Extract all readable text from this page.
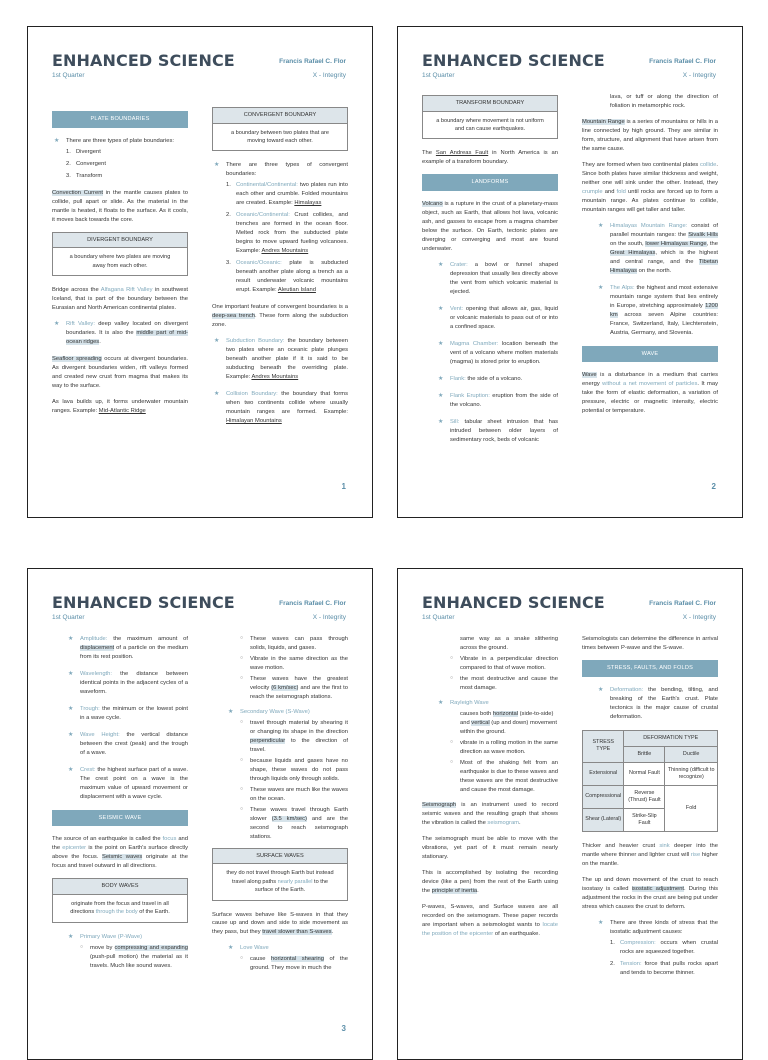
ENHANCED SCIENCE	Francis Rafael C. Flor
1st Quarter	X - Integrity
PLATE BOUNDARIES
★ There are three types of plate boundaries:
1. Divergent
2. Convergent
3. Transform

Convection Current in the mantle causes plates to collide, pull apart or slide. As the material in the mantle is heated, it floats to the surface. As it cools, it moves back towards the core.

DIVERGENT BOUNDARY
a boundary where two plates are moving away from each other.

Bridge across the Alfagana Rift Valley in southwest Iceland, that is part of the boundary between the Eurasian and North American continental plates.

★ Rift Valley: deep valley located on divergent boundaries. It is also the middle part of mid-ocean ridges.

Seafloor spreading occurs at divergent boundaries. As divergent boundaries widen, rift valleys formed and created new crust from magma that makes its way to the surface.

As lava builds up, it forms underwater mountain ranges. Example: Mid-Atlantic Ridge

CONVERGENT BOUNDARY
a boundary between two plates that are moving toward each other.
★ There are three types of convergent boundaries:
1. Continental/Continental: two plates run into each other and crumble. Folded mountains are created. Example: Himalayas
2. Oceanic/Continental: Crust collides, and trenches are formed in the ocean floor. Melted rock from the subducted plate begins to move upward fueling volcanoes. Example: Andres Mountains
3. Oceanic/Oceanic: plate is subducted beneath another plate along a trench as a result underwater volcanic mountains erupt. Example: Aleutian Island

One important feature of convergent boundaries is a deep-sea trench. These form along the subduction zone.

★ Subduction Boundary: the boundary between two plates where an oceanic plate plunges beneath another plate if it is said to be subducting beneath the overriding plate. Example: Andres Mountains
★ Collision Boundary: the boundary that forms when two continents collide where usually mountain ranges are formed. Example: Himalayan Mountains
1
ENHANCED SCIENCE	Francis Rafael C. Flor
1st Quarter	X - Integrity
TRANSFORM BOUNDARY
a boundary where movement is not uniform and can cause earthquakes.

The San Andreas Fault in North America is an example of a transform boundary.

LANDFORMS

Volcano is a rupture in the crust of a planetary-mass object, such as Earth, that allows hot lava, volcanic ash, and gasses to escape from a magma chamber below the surface. On Earth, tectonic plates are diverging or converging and most are found underwater.

★ Crater: a bowl or funnel shaped depression that usually lies directly above the vent from which volcanic material is ejected.
★ Vent: opening that allows air, gas, liquid or volcanic materials to pass out of or into a confined space.
★ Magma Chamber: location beneath the vent of a volcano where molten materials (magma) is stored prior to eruption.
★ Flank: the side of a volcano.
★ Flank Eruption: eruption from the side of the volcano.
★ Sill: tabular sheet intrusion that has intruded between older layers of sedimentary rock, beds of volcanic

lava, or tuff or along the direction of foliation in metamorphic rock.

Mountain Range is a series of mountains or hills in a line connected by high ground. They are similar in form, structure, and alignment that have arisen from the same cause.

They are formed when two continental plates collide. Since both plates have similar thickness and weight, neither one will sink under the other. Instead, they crumple and fold until rocks are forced up to form a mountain range. As plates continue to collide, mountain ranges will get taller and taller.

★ Himalayas Mountain Range: consist of parallel mountain ranges: the Sivalik Hills on the south, lower Himalayas Range, the Great Himalayas, which is the highest and central range, and the Tibetan Himalayas on the north.
★ The Alps: the highest and most extensive mountain range system that lies entirely in Europe, stretching approximately 1200 km across seven Alpine countries: France, Switzerland, Italy, Liechtenstein, Austria, Germany, and Slovenia.
WAVE

Wave is a disturbance in a medium that carries energy without a net movement of particles. It may take the form of elastic deformation, a variation of pressure, electric or magnetic intensity, electric potential or temperature.

2
ENHANCED SCIENCE	Francis Rafael C. Flor
1st Quarter	X - Integrity
★ Amplitude: the maximum amount of displacement of a particle on the medium from its rest position.
★ Wavelength: the distance between identical points in the adjacent cycles of a waveform.
★ Trough: the minimum or the lowest point in a wave cycle.
★ Wave Height: the vertical distance between the crest (peak) and the trough of a wave.
★ Crest: the highest surface part of a wave. The crest point on a wave is the maximum value of upward movement or displacement with a wave cycle.
SEISMIC WAVE

The source of an earthquake is called the focus and the epicenter is the point on Earth's surface directly above the focus. Seismic waves originate at the focus and travel outward in all directions.

BODY WAVES
originate from the focus and travel in all directions through the body of the Earth.
★ Primary Wave (P-Wave)
○ move by compressing and expanding (push-pull motion) the material as it travels. Much like sound waves.
○ These waves can pass through solids, liquids, and gases.
○ Vibrate in the same direction as the wave motion.
○ These waves have the greatest velocity (6 km/sec) and are the first to reach the seismograph stations.
★ Secondary Wave (S-Wave)
○ travel through material by shearing it or changing its shape in the direction perpendicular to the direction of travel.
○ because liquids and gases have no shape, these waves do not pass through liquids only through solids.
○ These waves are much like the waves on the ocean.
○ These waves travel through Earth slower (3.5 km/sec) and are the second to reach seismograph stations.
SURFACE WAVES
they do not travel through Earth but instead travel along paths nearly parallel to the surface of the Earth.

Surface waves behave like S-waves in that they cause up and down and side to side movement as they pass, but they travel slower than S-waves.

★ Love Wave
○ cause horizontal shearing of the ground. They move in much the
3
ENHANCED SCIENCE	Francis Rafael C. Flor
1st Quarter	X - Integrity

same way as a snake slithering across the ground.

○ Vibrate in a perpendicular direction compared to that of wave motion.
○ the most destructive and cause the most damage.
★ Rayleigh Wave
causes both horizontal (side-to-side) and vertical (up and down) movement within the ground.
○ vibrate in a rolling motion in the same direction as wave motion.
○ Most of the shaking felt from an earthquake is due to these waves and these waves are the most destructive and cause the most damage.

Seismograph is an instrument used to record seismic waves and the resulting graph that shows the vibration is called the seismogram.

The seismograph must be able to move with the vibrations, yet part of it must remain nearly stationary.

This is accomplished by isolating the recording device (like a pen) from the rest of the Earth using the principle of inertia.

P-waves, S-waves, and Surface waves are all recorded on the seismogram. These paper records are important when a seismologist wants to locate the position of the epicenter of an earthquake.

Seismologists can determine the difference in arrival times between P-wave and the S-wave.

STRESS, FAULTS, AND FOLDS
★ Deformation: the bending, tilting, and breaking of the Earth's crust. Plate tectonics is the major cause of crustal deformation.
STRESS TYPE	DEFORMATION TYPE	
	Brittle	Ductile
Extensional	Normal Fault	Thinning (difficult to recognize)
Compressional	Reverse (Thrust) Fault	Fold
Shear (Lateral)	Strike-Slip Fault	

Thicker and heavier crust sink deeper into the mantle where thinner and lighter crust will rise higher on the mantle.

The up and down movement of the crust to reach isostasy is called isostatic adjustment. During this adjustment the rocks in the crust are being put under stress which causes the crust to deform.

★ There are three kinds of stress that the isostatic adjustment causes:
1. Compression: occurs when crustal rocks are squeezed together.
2. Tension: force that pulls rocks apart and tends to become thinner.
